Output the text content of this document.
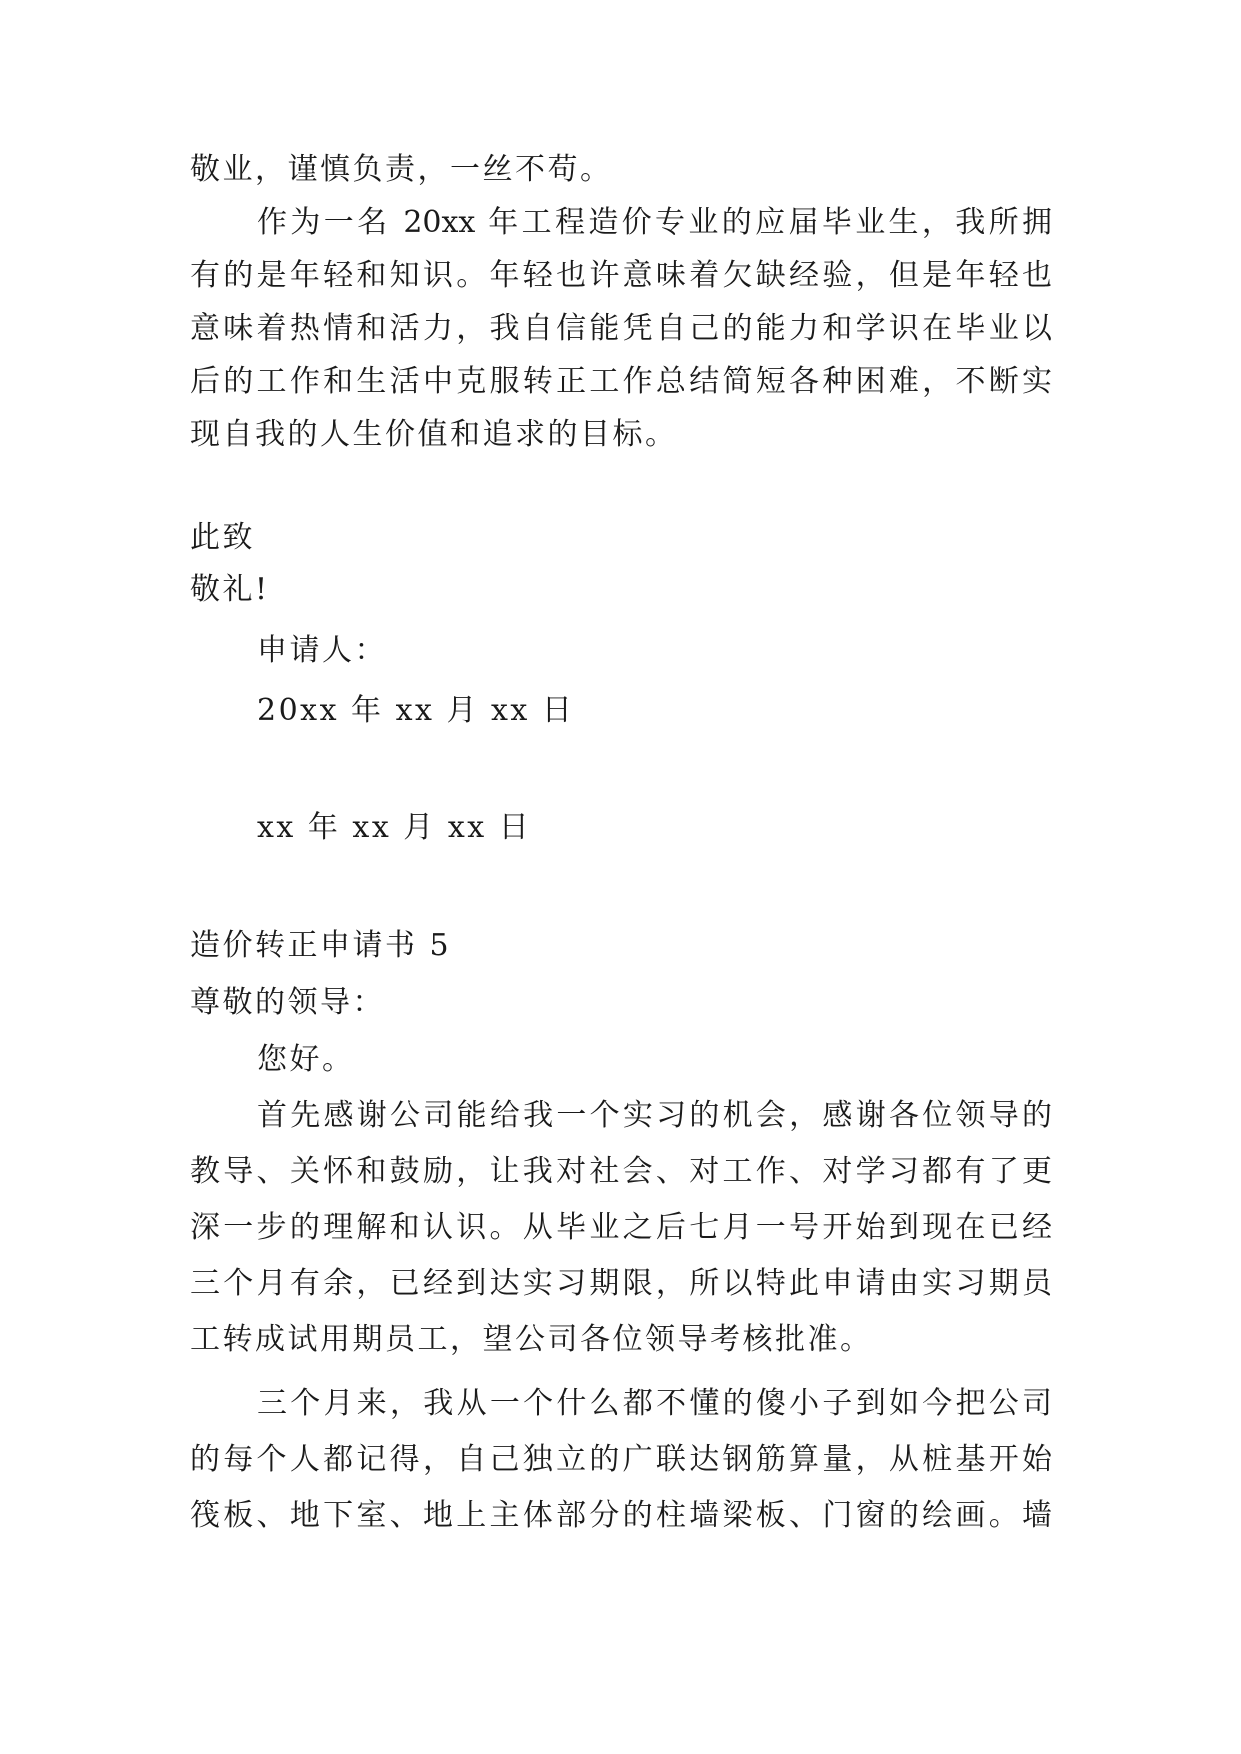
敬业，谨慎负责，一丝不苟。
作为一名 20xx 年工程造价专业的应届毕业生，我所拥
有的是年轻和知识。年轻也许意味着欠缺经验，但是年轻也
意味着热情和活力，我自信能凭自己的能力和学识在毕业以
后的工作和生活中克服转正工作总结简短各种困难，不断实
现自我的人生价值和追求的目标。
此致
敬礼!
申请人：
20xx 年 xx 月 xx 日
xx 年 xx 月 xx 日
造价转正申请书 5
尊敬的领导：
您好。
首先感谢公司能给我一个实习的机会，感谢各位领导的
教导、关怀和鼓励，让我对社会、对工作、对学习都有了更
深一步的理解和认识。从毕业之后七月一号开始到现在已经
三个月有余，已经到达实习期限，所以特此申请由实习期员
工转成试用期员工，望公司各位领导考核批准。
三个月来，我从一个什么都不懂的傻小子到如今把公司
的每个人都记得，自己独立的广联达钢筋算量，从桩基开始
筏板、地下室、地上主体部分的柱墙梁板、门窗的绘画。墙
